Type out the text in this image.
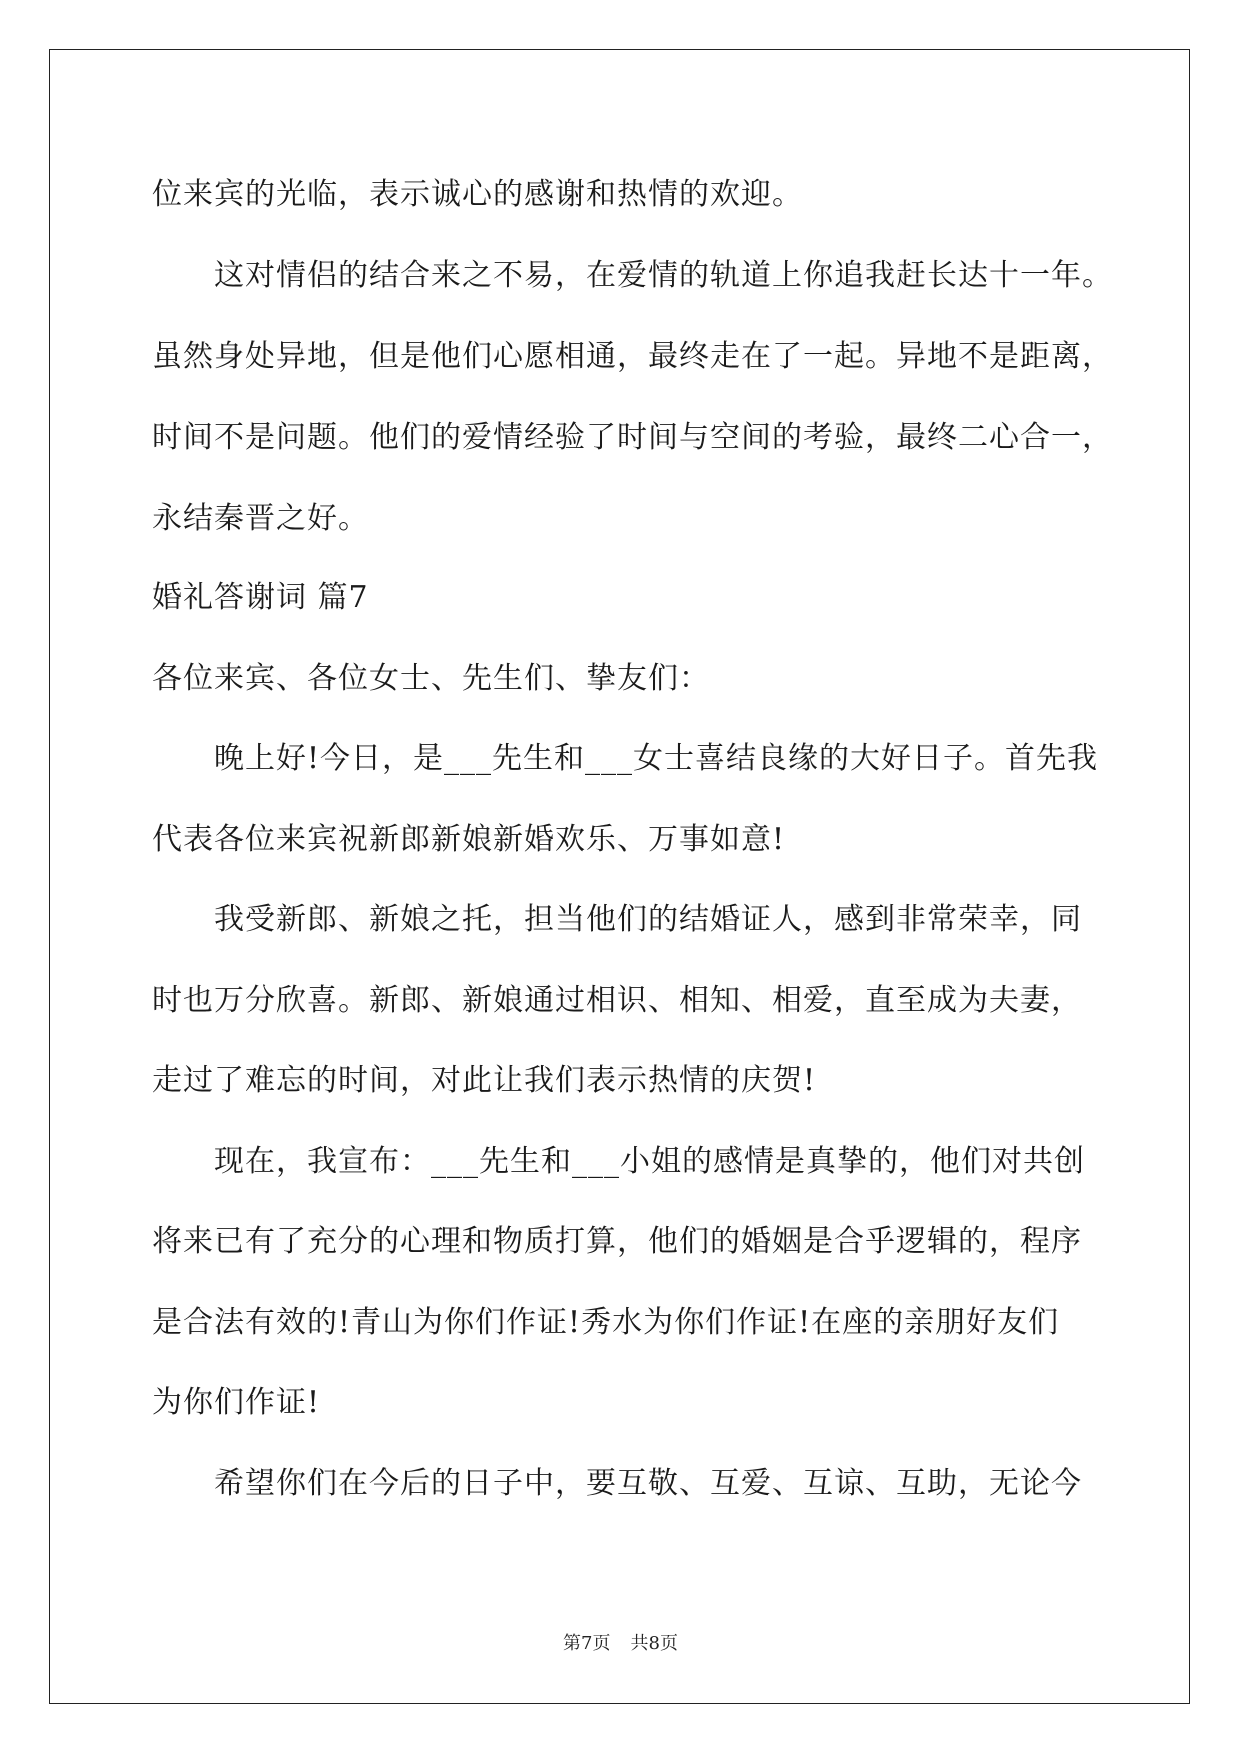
位来宾的光临，表示诚心的感谢和热情的欢迎。
这对情侣的结合来之不易，在爱情的轨道上你追我赶长达十一年。
虽然身处异地，但是他们心愿相通，最终走在了一起。异地不是距离，
时间不是问题。他们的爱情经验了时间与空间的考验，最终二心合一，
永结秦晋之好。
婚礼答谢词 篇7
各位来宾、各位女士、先生们、挚友们：
晚上好!今日，是___先生和___女士喜结良缘的大好日子。首先我
代表各位来宾祝新郎新娘新婚欢乐、万事如意!
我受新郎、新娘之托，担当他们的结婚证人，感到非常荣幸，同
时也万分欣喜。新郎、新娘通过相识、相知、相爱，直至成为夫妻，
走过了难忘的时间，对此让我们表示热情的庆贺!
现在，我宣布：___先生和___小姐的感情是真挚的，他们对共创
将来已有了充分的心理和物质打算，他们的婚姻是合乎逻辑的，程序
是合法有效的!青山为你们作证!秀水为你们作证!在座的亲朋好友们
为你们作证!
希望你们在今后的日子中，要互敬、互爱、互谅、互助，无论今
第7页 共8页
